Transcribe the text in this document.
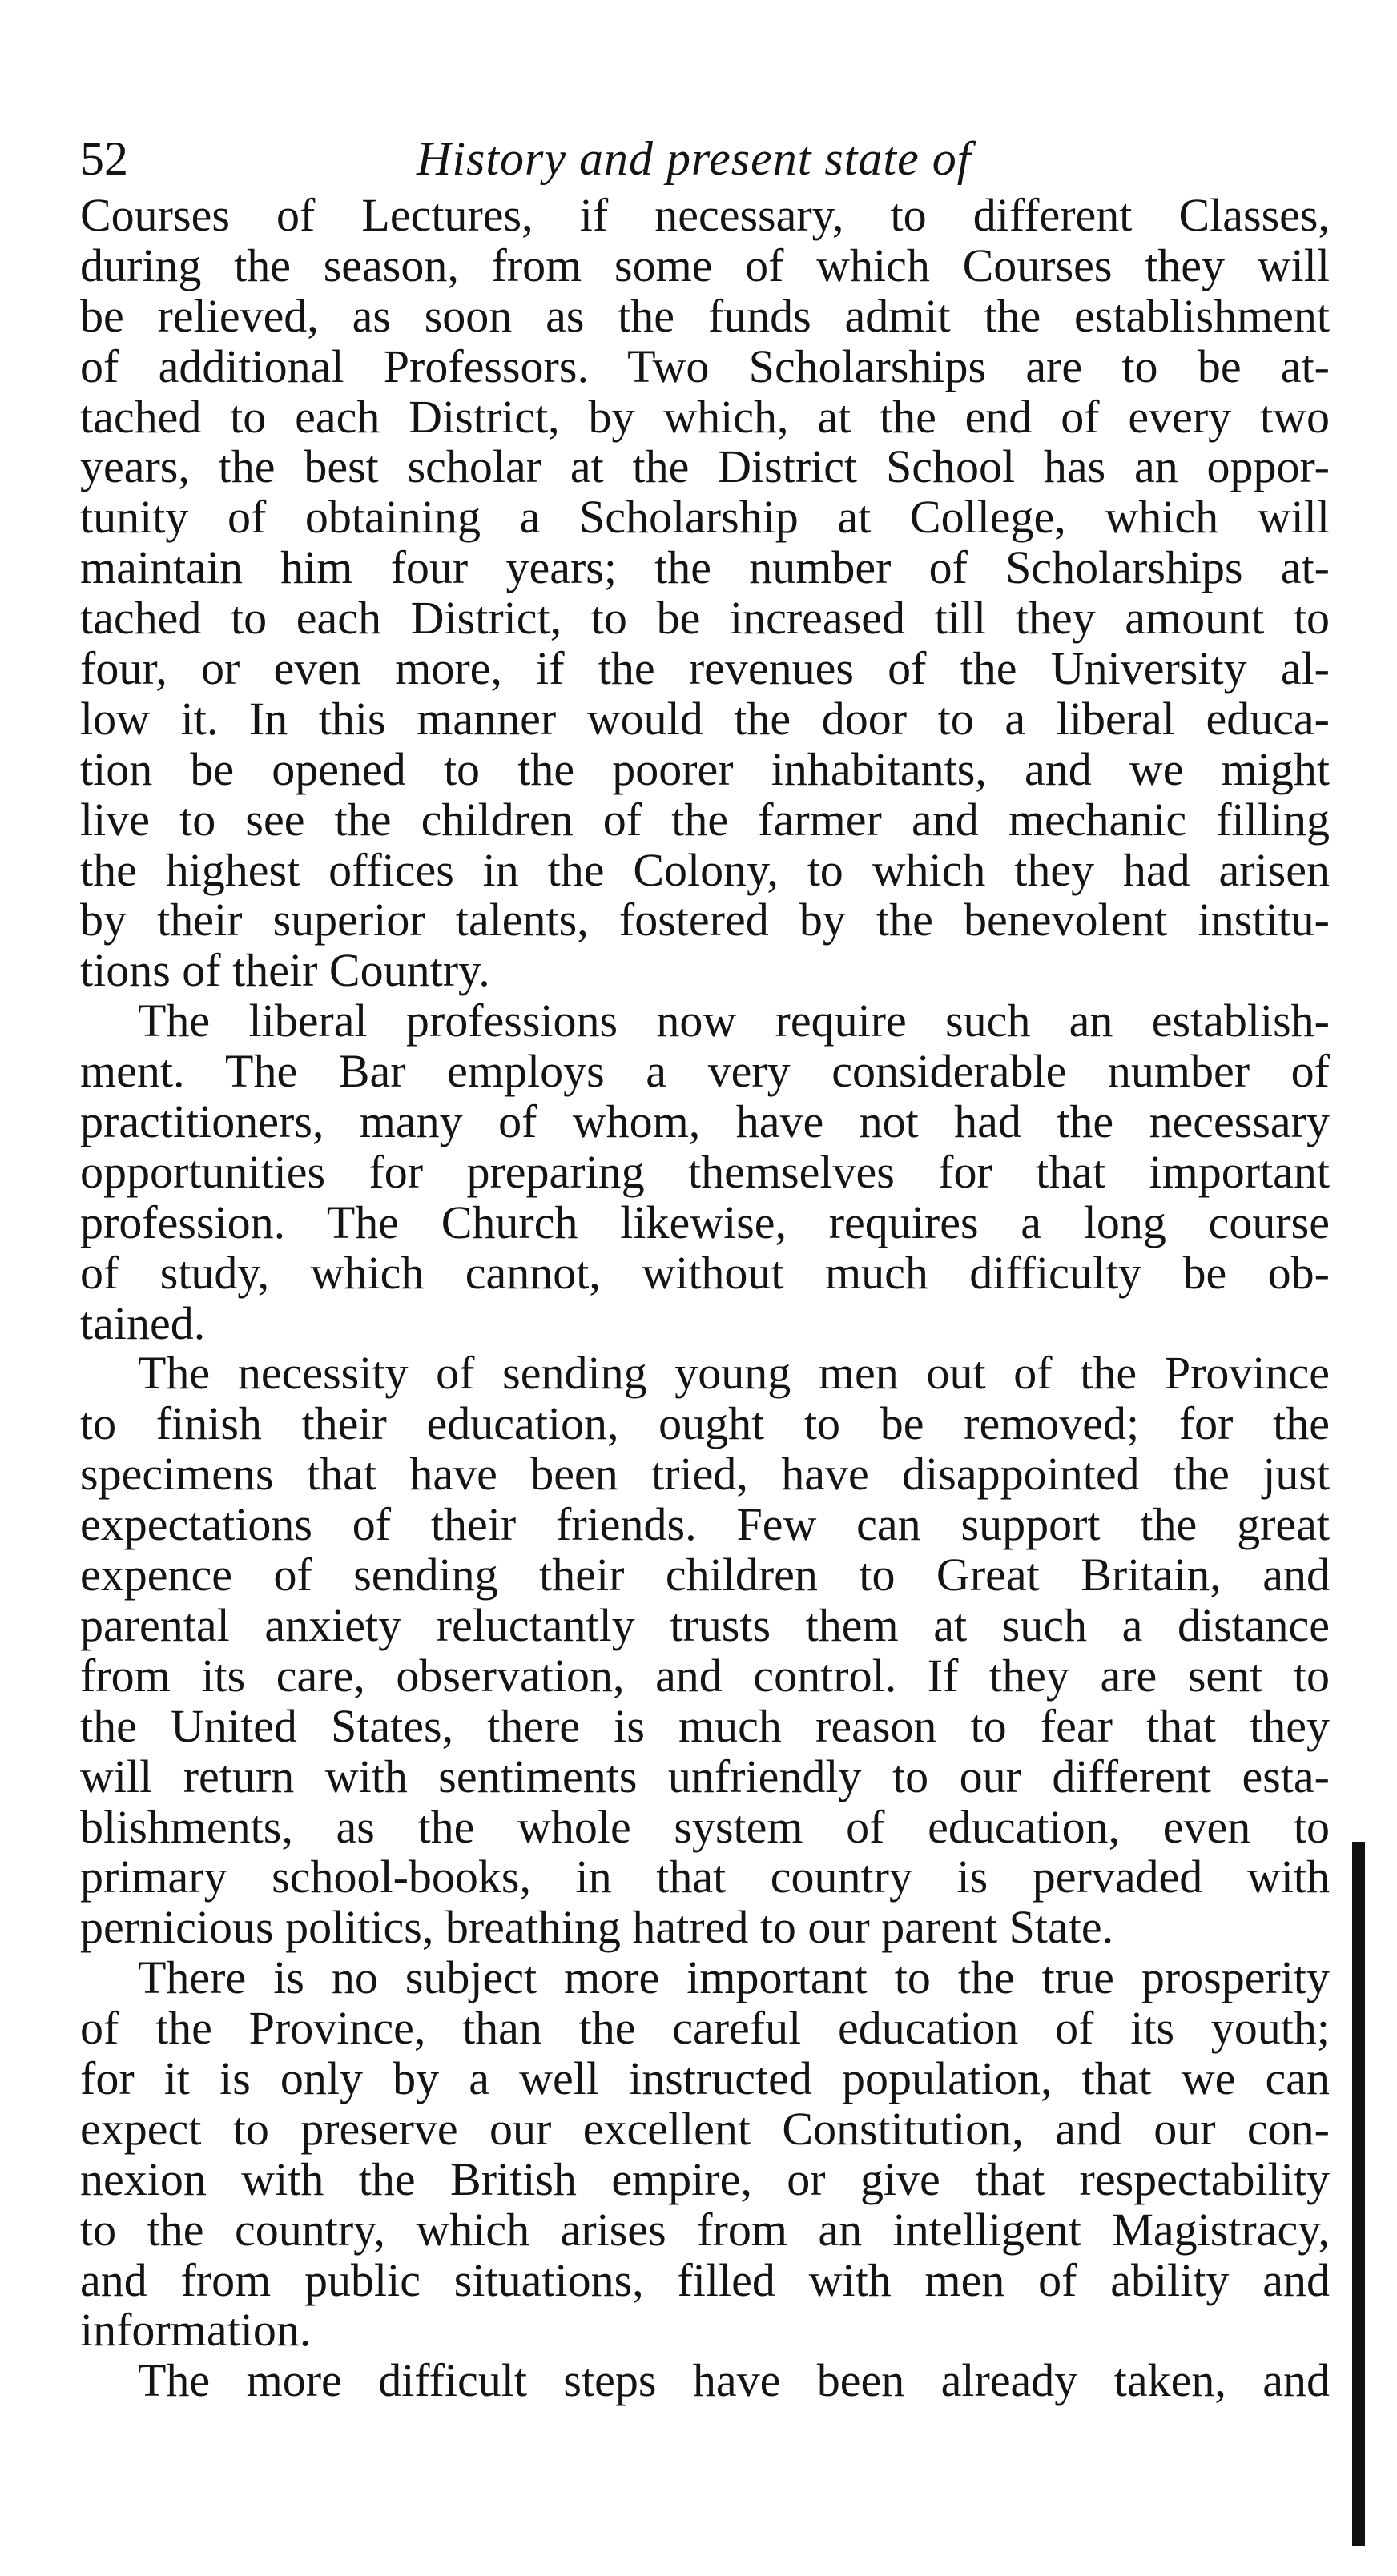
52	History and present state of
Courses of Lectures, if necessary, to different Classes,
during the season, from some of which Courses they will
be relieved, as soon as the funds admit the establishment
of additional Professors. Two Scholarships are to be at-
tached to each District, by which, at the end of every two
years, the best scholar at the District School has an oppor-
tunity of obtaining a Scholarship at College, which will
maintain him four years; the number of Scholarships at-
tached to each District, to be increased till they amount to
four, or even more, if the revenues of the University al-
low it. In this manner would the door to a liberal educa-
tion be opened to the poorer inhabitants, and we might
live to see the children of the farmer and mechanic filling
the highest offices in the Colony, to which they had arisen
by their superior talents, fostered by the benevolent institu-
tions of their Country.
The liberal professions now require such an establish-
ment. The Bar employs a very considerable number of
practitioners, many of whom, have not had the necessary
opportunities for preparing themselves for that important
profession. The Church likewise, requires a long course
of study, which cannot, without much difficulty be ob-
tained.
The necessity of sending young men out of the Province
to finish their education, ought to be removed; for the
specimens that have been tried, have disappointed the just
expectations of their friends. Few can support the great
expence of sending their children to Great Britain, and
parental anxiety reluctantly trusts them at such a distance
from its care, observation, and control. If they are sent to
the United States, there is much reason to fear that they
will return with sentiments unfriendly to our different esta-
blishments, as the whole system of education, even to
primary school-books, in that country is pervaded with
pernicious politics, breathing hatred to our parent State.
There is no subject more important to the true prosperity
of the Province, than the careful education of its youth;
for it is only by a well instructed population, that we can
expect to preserve our excellent Constitution, and our con-
nexion with the British empire, or give that respectability
to the country, which arises from an intelligent Magistracy,
and from public situations, filled with men of ability and
information.
The more difficult steps have been already taken, and
